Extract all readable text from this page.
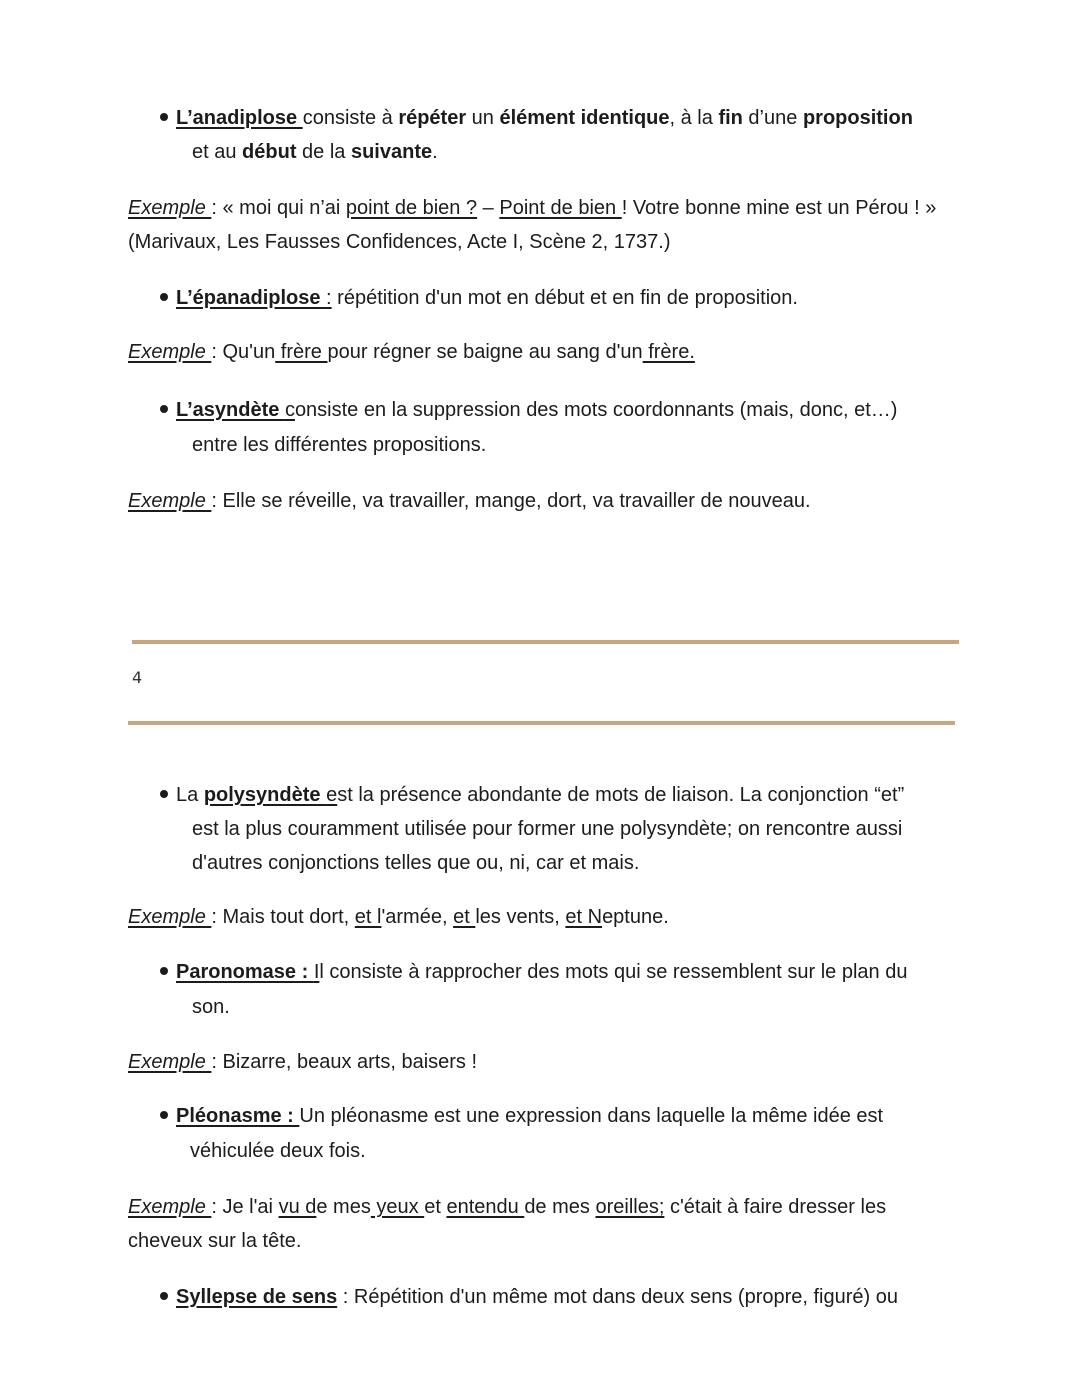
L’anadiplose consiste à répéter un élément identique, à la fin d’une proposition
et au début de la suivante.
Exemple : « moi qui n’ai point de bien ? – Point de bien ! Votre bonne mine est un Pérou ! »
(Marivaux, Les Fausses Confidences, Acte I, Scène 2, 1737.)
L’épanadiplose : répétition d'un mot en début et en fin de proposition.
Exemple : Qu'un frère pour régner se baigne au sang d'un frère.
L’asyndète consiste en la suppression des mots coordonnants (mais, donc, et…)
entre les différentes propositions.
Exemple : Elle se réveille, va travailler, mange, dort, va travailler de nouveau.
4
La polysyndète est la présence abondante de mots de liaison. La conjonction “et”
est la plus couramment utilisée pour former une polysyndète; on rencontre aussi
d'autres conjonctions telles que ou, ni, car et mais.
Exemple : Mais tout dort, et l'armée, et les vents, et Neptune.
Paronomase : Il consiste à rapprocher des mots qui se ressemblent sur le plan du
son.
Exemple : Bizarre, beaux arts, baisers !
Pléonasme : Un pléonasme est une expression dans laquelle la même idée est
véhiculée deux fois.
Exemple : Je l'ai vu de mes yeux et entendu de mes oreilles; c'était à faire dresser les
cheveux sur la tête.
Syllepse de sens : Répétition d'un même mot dans deux sens (propre, figuré) ou
